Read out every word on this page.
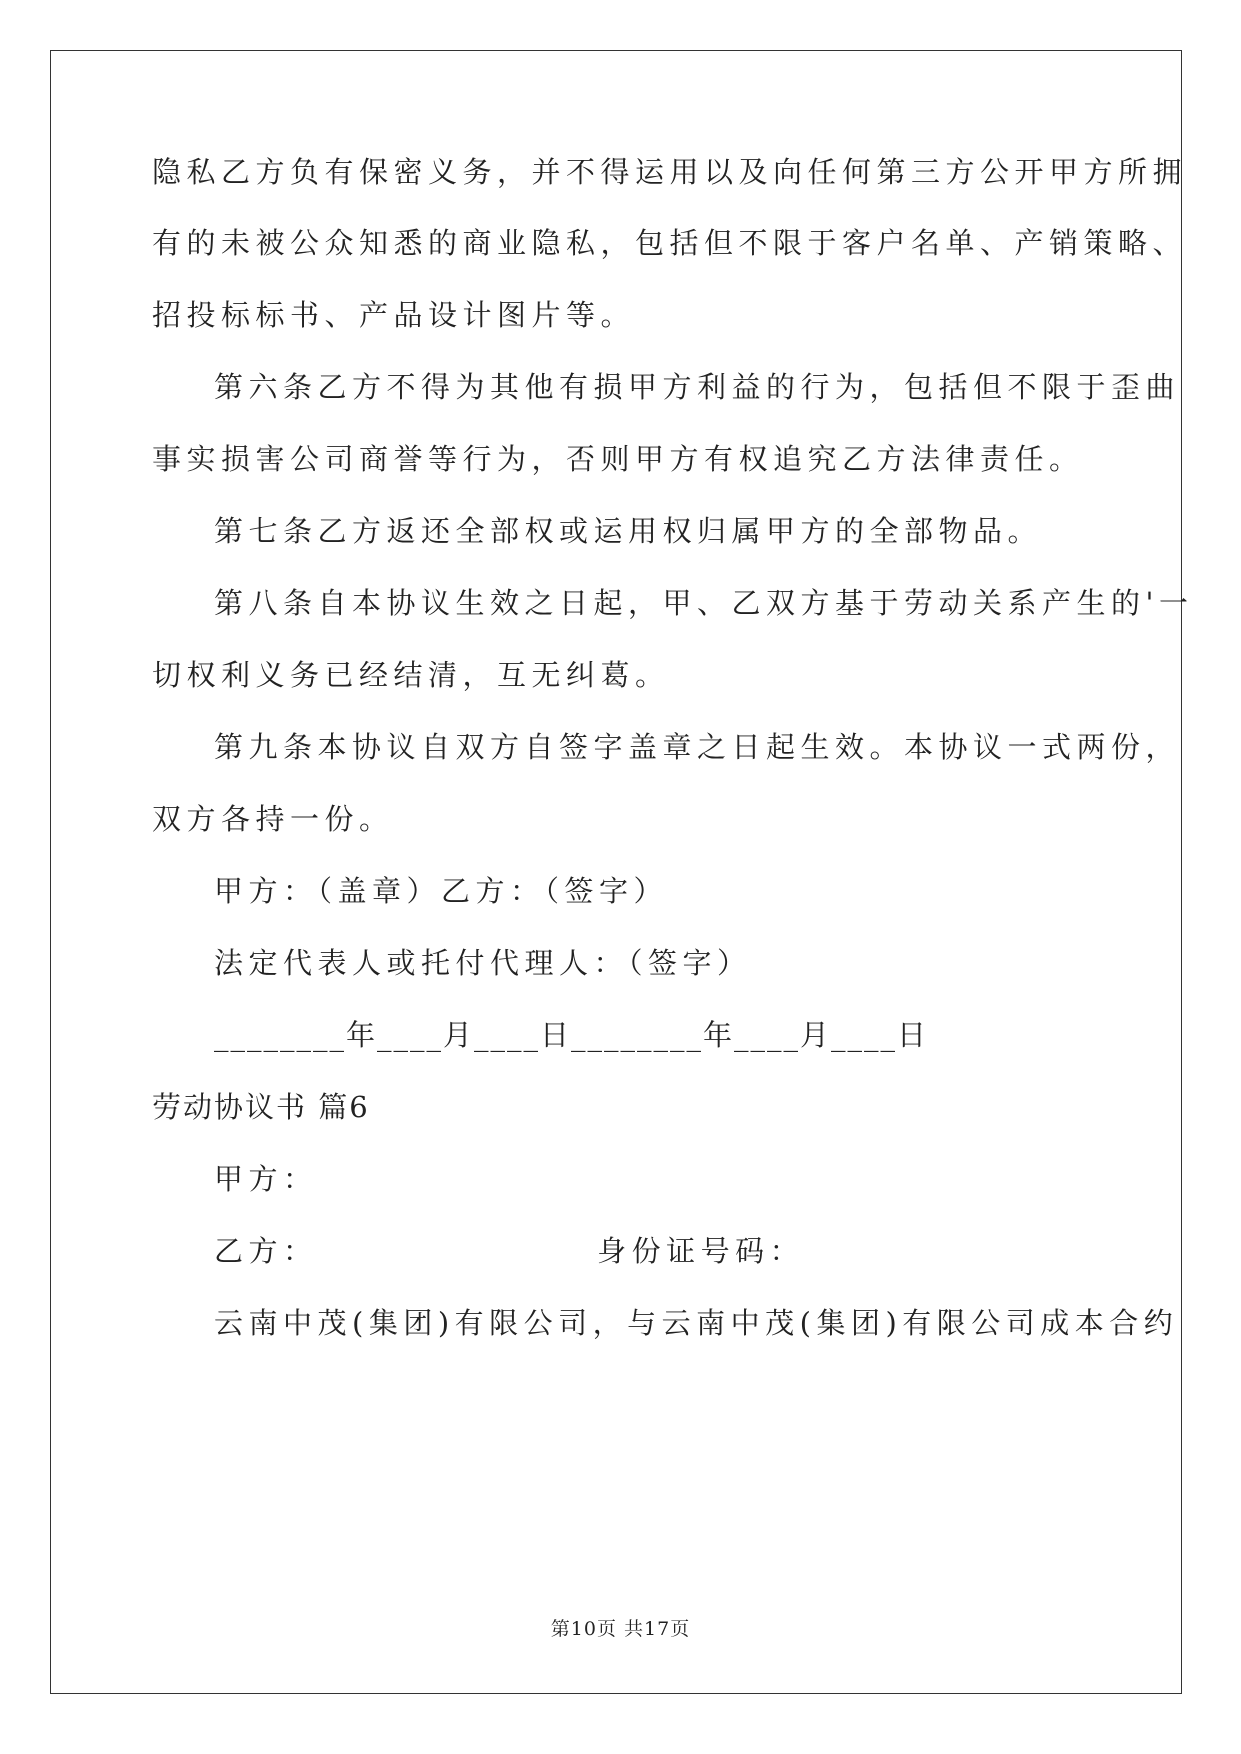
隐私乙方负有保密义务，并不得运用以及向任何第三方公开甲方所拥
有的未被公众知悉的商业隐私，包括但不限于客户名单、产销策略、
招投标标书、产品设计图片等。
第六条乙方不得为其他有损甲方利益的行为，包括但不限于歪曲
事实损害公司商誉等行为，否则甲方有权追究乙方法律责任。
第七条乙方返还全部权或运用权归属甲方的全部物品。
第八条自本协议生效之日起，甲、乙双方基于劳动关系产生的'一
切权利义务已经结清，互无纠葛。
第九条本协议自双方自签字盖章之日起生效。本协议一式两份，
双方各持一份。
甲方：（盖章）乙方：（签字）
法定代表人或托付代理人：（签字）
________年____月____日________年____月____日
劳动协议书 篇6
甲方：
乙方：                   身份证号码：
云南中茂(集团)有限公司，与云南中茂(集团)有限公司成本合约
第10页 共17页
